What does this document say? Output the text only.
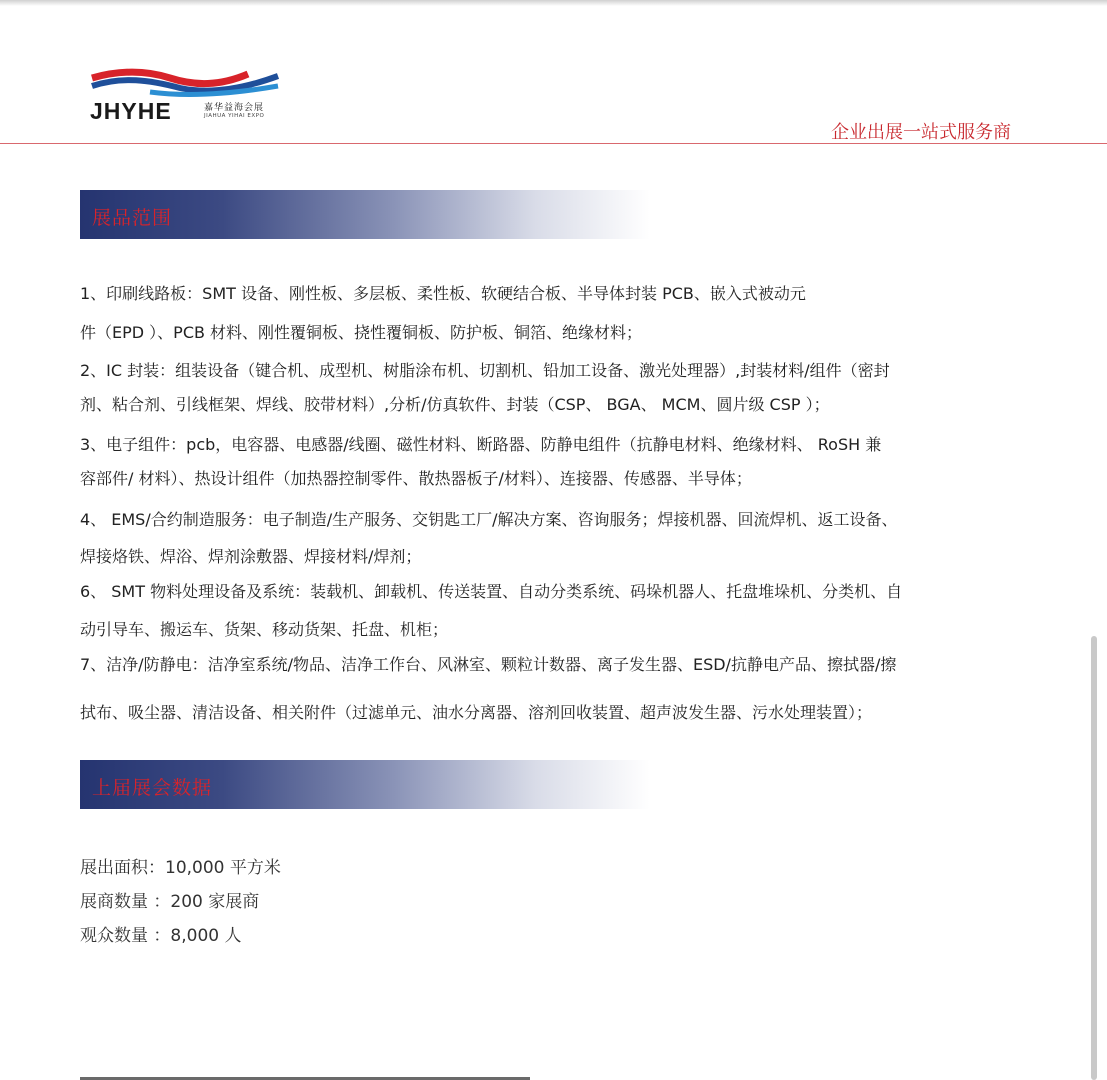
JHYHE	嘉华益海会展
JIAHUA YIHAI EXPO
企业出展一站式服务商
展品范围
1、印刷线路板：SMT 设备、刚性板、多层板、柔性板、软硬结合板、半导体封装 PCB、嵌入式被动元
件（EPD ）、PCB 材料、刚性覆铜板、挠性覆铜板、防护板、铜箔、绝缘材料；
2、IC 封装：组装设备（键合机、成型机、树脂涂布机、切割机、铅加工设备、激光处理器）,封装材料/组件（密封
剂、粘合剂、引线框架、焊线、胶带材料）,分析/仿真软件、封装（CSP、 BGA、 MCM、圆片级 CSP ）；
3、电子组件：pcb，电容器、电感器/线圈、磁性材料、断路器、防静电组件（抗静电材料、绝缘材料、 RoSH 兼
容部件/ 材料）、热设计组件（加热器控制零件、散热器板子/材料）、连接器、传感器、半导体；
4、 EMS/合约制造服务：电子制造/生产服务、交钥匙工厂/解决方案、咨询服务；焊接机器、回流焊机、返工设备、
焊接烙铁、焊浴、焊剂涂敷器、焊接材料/焊剂；
6、 SMT 物料处理设备及系统：装载机、卸载机、传送装置、自动分类系统、码垛机器人、托盘堆垛机、分类机、自
动引导车、搬运车、货架、移动货架、托盘、机柜；
7、洁净/防静电：洁净室系统/物品、洁净工作台、风淋室、颗粒计数器、离子发生器、ESD/抗静电产品、擦拭器/擦
拭布、吸尘器、清洁设备、相关附件（过滤单元、油水分离器、溶剂回收装置、超声波发生器、污水处理装置）；
上届展会数据
展出面积：10,000 平方米
展商数量 ：200 家展商
观众数量 ：8,000 人
